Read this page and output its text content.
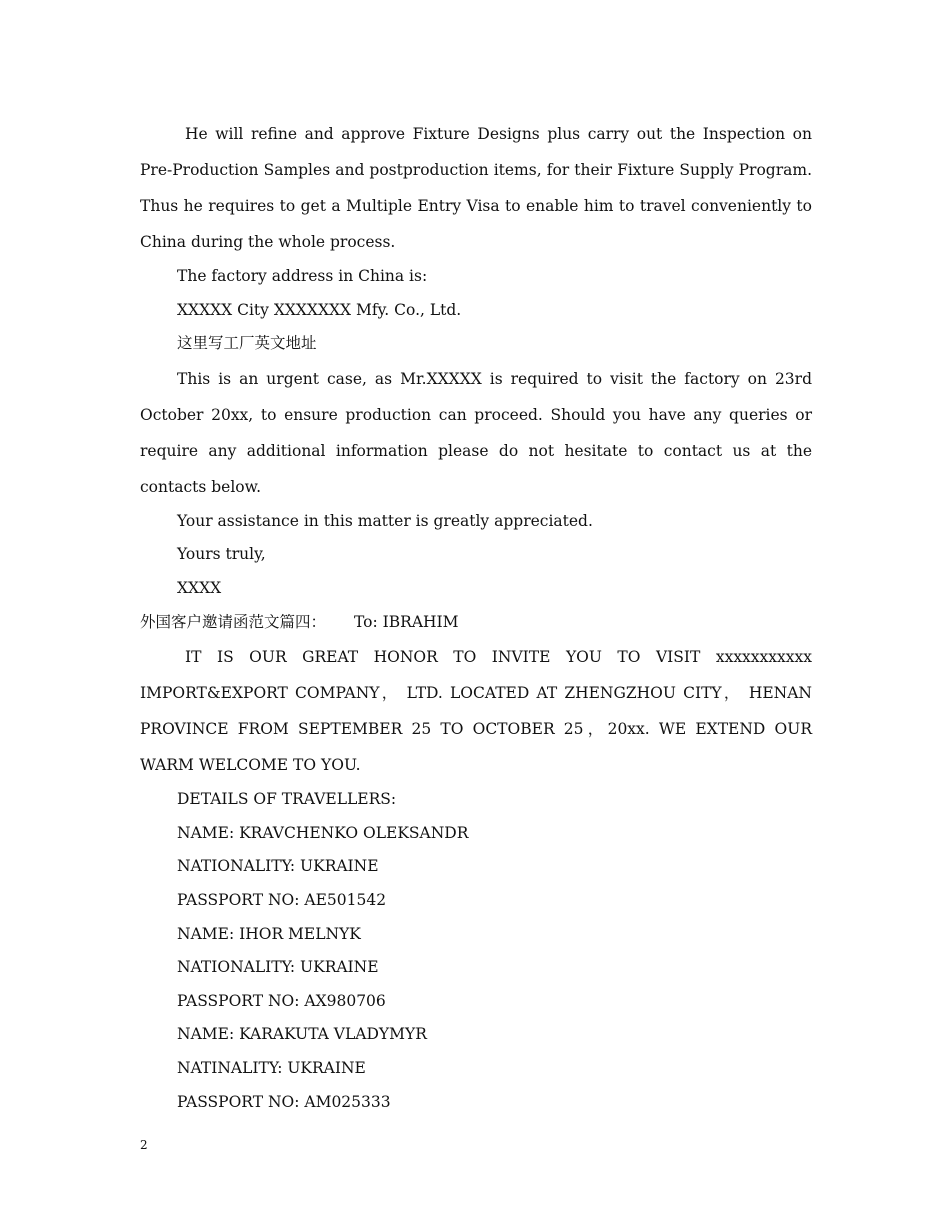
He will refine and approve Fixture Designs plus carry out the Inspection on Pre-Production Samples and postproduction items, for their Fixture Supply Program. Thus he requires to get a Multiple Entry Visa to enable him to travel conveniently to China during the whole process.

The factory address in China is:

XXXXX City XXXXXXX Mfy. Co., Ltd.

这里写工厂英文地址

This is an urgent case, as Mr.XXXXX is required to visit the factory on 23rd October 20xx, to ensure production can proceed. Should you have any queries or require any additional information please do not hesitate to contact us at the contacts below.

Your assistance in this matter is greatly appreciated.

Yours truly,

XXXX

外国客户邀请函范文篇四： To: IBRAHIM

IT IS OUR GREAT HONOR TO INVITE YOU TO VISIT xxxxxxxxxxx IMPORT&EXPORT COMPANY， LTD. LOCATED AT ZHENGZHOU CITY， HENAN PROVINCE FROM SEPTEMBER 25 TO OCTOBER 25，20xx. WE EXTEND OUR WARM WELCOME TO YOU.

DETAILS OF TRAVELLERS:

NAME: KRAVCHENKO OLEKSANDR

NATIONALITY: UKRAINE

PASSPORT NO: AE501542

NAME: IHOR MELNYK

NATIONALITY: UKRAINE

PASSPORT NO: AX980706

NAME: KARAKUTA VLADYMYR

NATINALITY: UKRAINE

PASSPORT NO: AM025333

2
